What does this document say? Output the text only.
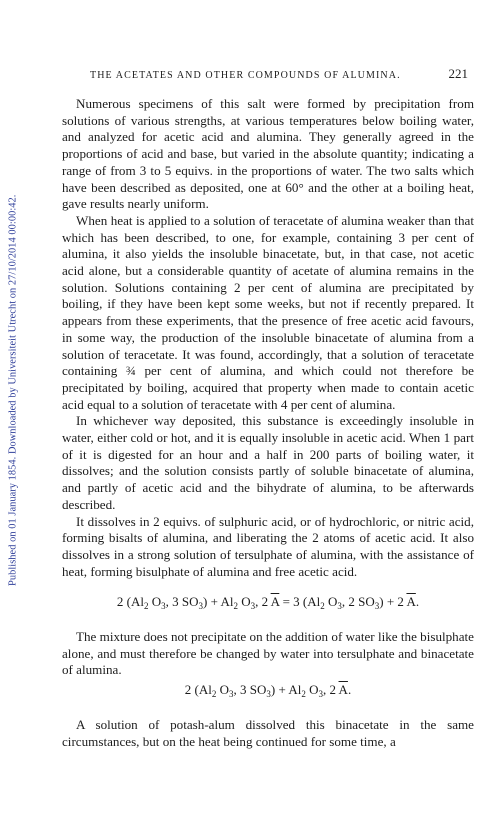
Published on 01 January 1854. Downloaded by Universiteit Utrecht on 27/10/2014 00:00:42.
THE ACETATES AND OTHER COMPOUNDS OF ALUMINA.	221

Numerous specimens of this salt were formed by precipitation from solutions of various strengths, at various temperatures below boiling water, and analyzed for acetic acid and alumina. They generally agreed in the proportions of acid and base, but varied in the absolute quantity; indicating a range of from 3 to 5 equivs. in the proportions of water. The two salts which have been described as deposited, one at 60° and the other at a boiling heat, gave results nearly uniform.

When heat is applied to a solution of teracetate of alumina weaker than that which has been described, to one, for example, containing 3 per cent of alumina, it also yields the insoluble binacetate, but, in that case, not acetic acid alone, but a considerable quantity of acetate of alumina remains in the solution. Solutions containing 2 per cent of alumina are precipitated by boiling, if they have been kept some weeks, but not if recently prepared. It appears from these experiments, that the presence of free acetic acid favours, in some way, the production of the insoluble binacetate of alumina from a solution of teracetate. It was found, accordingly, that a solution of teracetate containing ¾ per cent of alumina, and which could not therefore be precipitated by boiling, acquired that property when made to contain acetic acid equal to a solution of teracetate with 4 per cent of alumina.

In whichever way deposited, this substance is exceedingly insoluble in water, either cold or hot, and it is equally insoluble in acetic acid. When 1 part of it is digested for an hour and a half in 200 parts of boiling water, it dissolves; and the solution consists partly of soluble binacetate of alumina, and partly of acetic acid and the bihydrate of alumina, to be afterwards described.

It dissolves in 2 equivs. of sulphuric acid, or of hydrochloric, or nitric acid, forming bisalts of alumina, and liberating the 2 atoms of acetic acid. It also dissolves in a strong solution of tersulphate of alumina, with the assistance of heat, forming bisulphate of alumina and free acetic acid.

2 ($Al_2$ $O_3$, 3 $SO_3) + Al_2$ $O_3$, 2 $\overline{A} = 3$ ($Al_2$ $O_3$, 2 $SO_3) + 2$ $\overline{A}$.

The mixture does not precipitate on the addition of water like the bisulphate alone, and must therefore be changed by water into tersulphate and binacetate of alumina.

2 ($Al_2$ $O_3$, 3 $SO_3) + Al_2$ $O_3$, 2 $\overline{A}$.

A solution of potash-alum dissolved this binacetate in the same circumstances, but on the heat being continued for some time, a
